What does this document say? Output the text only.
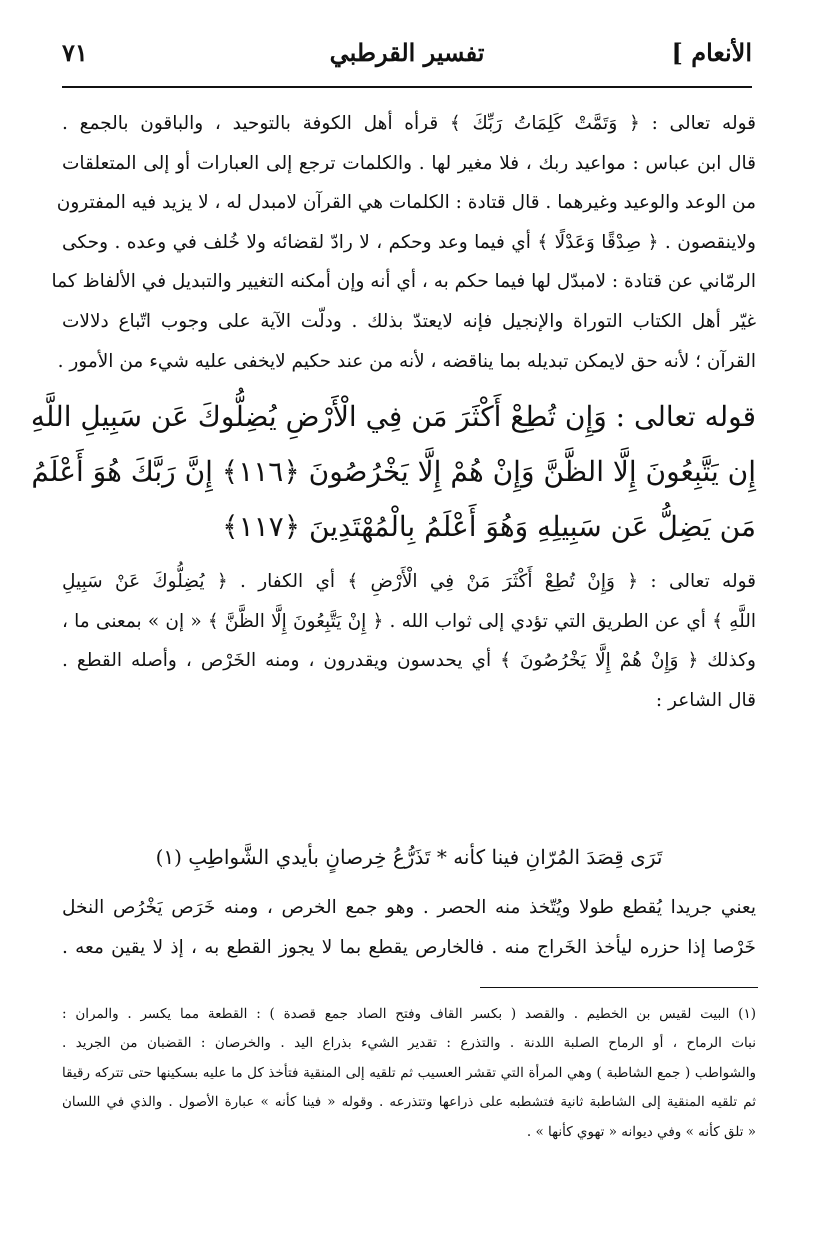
الأنعام ]
تفسير القرطبي
٧١
قوله تعالى : ﴿ وَتَمَّتْ كَلِمَاتُ رَبِّكَ ﴾ قرأه أهل الكوفة بالتوحيد ، والباقون بالجمع .
قال ابن عباس : مواعيد ربك ، فلا مغير لها . والكلمات ترجع إلى العبارات أو إلى المتعلقات
من الوعد والوعيد وغيرهما . قال قتادة : الكلمات هي القرآن لامبدل له ، لا يزيد فيه المفترون
ولاينقصون . ﴿ صِدْقًا وَعَدْلًا ﴾ أي فيما وعد وحكم ، لا رادّ لقضائه ولا خُلف في وعده . وحكى
الرمّاني عن قتادة : لامبدّل لها فيما حكم به ، أي أنه وإن أمكنه التغيير والتبديل في الألفاظ كما
غيّر أهل الكتاب التوراة والإنجيل فإنه لايعتدّ بذلك . ودلّت الآية على وجوب اتّباع دلالات
القرآن ؛ لأنه حق لايمكن تبديله بما يناقضه ، لأنه من عند حكيم لايخفى عليه شيء من الأمور .
قوله تعالى : وَإِن تُطِعْ أَكْثَرَ مَن فِي الْأَرْضِ يُضِلُّوكَ عَن سَبِيلِ اللَّهِ
إِن يَتَّبِعُونَ إِلَّا الظَّنَّ وَإِنْ هُمْ إِلَّا يَخْرُصُونَ ﴿١١٦﴾ إِنَّ رَبَّكَ هُوَ أَعْلَمُ
مَن يَضِلُّ عَن سَبِيلِهِ وَهُوَ أَعْلَمُ بِالْمُهْتَدِينَ ﴿١١٧﴾
قوله تعالى : ﴿ وَإِنْ تُطِعْ أَكْثَرَ مَنْ فِي الْأَرْضِ ﴾ أي الكفار . ﴿ يُضِلُّوكَ عَنْ سَبِيلِ
اللَّهِ ﴾ أي عن الطريق التي تؤدي إلى ثواب الله . ﴿ إِنْ يَتَّبِعُونَ إِلَّا الظَّنَّ ﴾ « إن » بمعنى ما ،
وكذلك ﴿ وَإِنْ هُمْ إِلَّا يَخْرُصُونَ ﴾ أي يحدسون ويقدرون ، ومنه الخَرْص ، وأصله القطع .
قال الشاعر :
تَرَى قِصَدَ المُرّانِ فينا كأنه * تَذَرُّعُ خِرصانٍ بأيدي الشَّواطِبِ (١)
يعني جريدا يُقطع طولا ويُتّخذ منه الحصر . وهو جمع الخرص ، ومنه خَرَص يَخْرُص النخل
خَرْصا إذا حزره ليأخذ الخَراج منه . فالخارص يقطع بما لا يجوز القطع به ، إذ لا يقين معه .
(١) البيت لقيس بن الخطيم . والقصد ( بكسر القاف وفتح الصاد جمع قصدة ) : القطعة مما يكسر . والمران :
نبات الرماح ، أو الرماح الصلبة اللدنة . والتذرع : تقدير الشيء بذراع اليد . والخرصان : القضبان من الجريد .
والشواطب ( جمع الشاطبة ) وهي المرأة التي تقشر العسيب ثم تلقيه إلى المنقية فتأخذ كل ما عليه بسكينها حتى تتركه رقيقا
ثم تلقيه المنقية إلى الشاطبة ثانية فتشطبه على ذراعها وتتذرعه . وقوله « فينا كأنه » عبارة الأصول . والذي في اللسان
« تلق كأنه » وفي ديوانه « تهوي كأنها » .
